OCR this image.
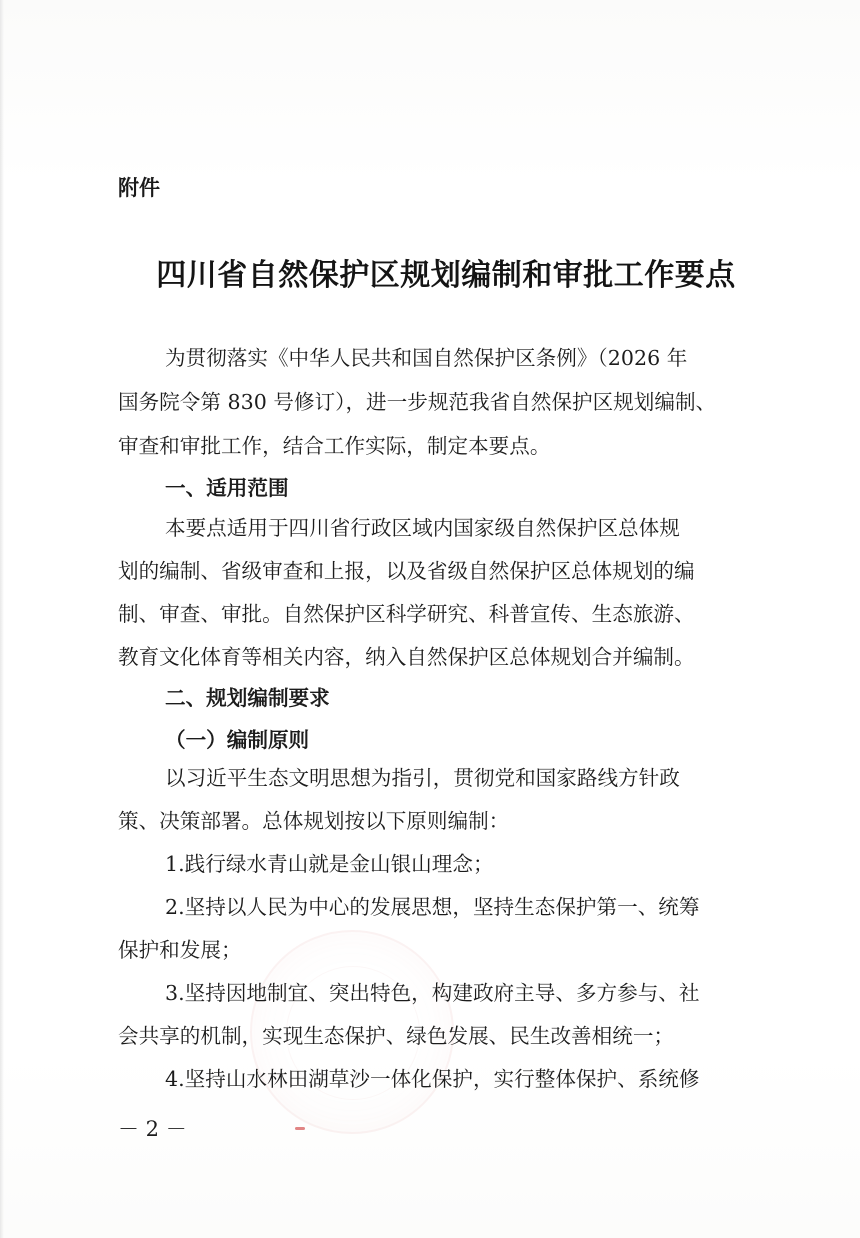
附件
四川省自然保护区规划编制和审批工作要点
为贯彻落实《中华人民共和国自然保护区条例》（2026 年
国务院令第 830 号修订），进一步规范我省自然保护区规划编制、
审查和审批工作，结合工作实际，制定本要点。
一、适用范围
本要点适用于四川省行政区域内国家级自然保护区总体规
划的编制、省级审查和上报，以及省级自然保护区总体规划的编
制、审查、审批。自然保护区科学研究、科普宣传、生态旅游、
教育文化体育等相关内容，纳入自然保护区总体规划合并编制。
二、规划编制要求
（一）编制原则
以习近平生态文明思想为指引，贯彻党和国家路线方针政
策、决策部署。总体规划按以下原则编制：
1.践行绿水青山就是金山银山理念；
2.坚持以人民为中心的发展思想，坚持生态保护第一、统筹
保护和发展；
3.坚持因地制宜、突出特色，构建政府主导、多方参与、社
会共享的机制，实现生态保护、绿色发展、民生改善相统一；
4.坚持山水林田湖草沙一体化保护，实行整体保护、系统修
－ 2 －
